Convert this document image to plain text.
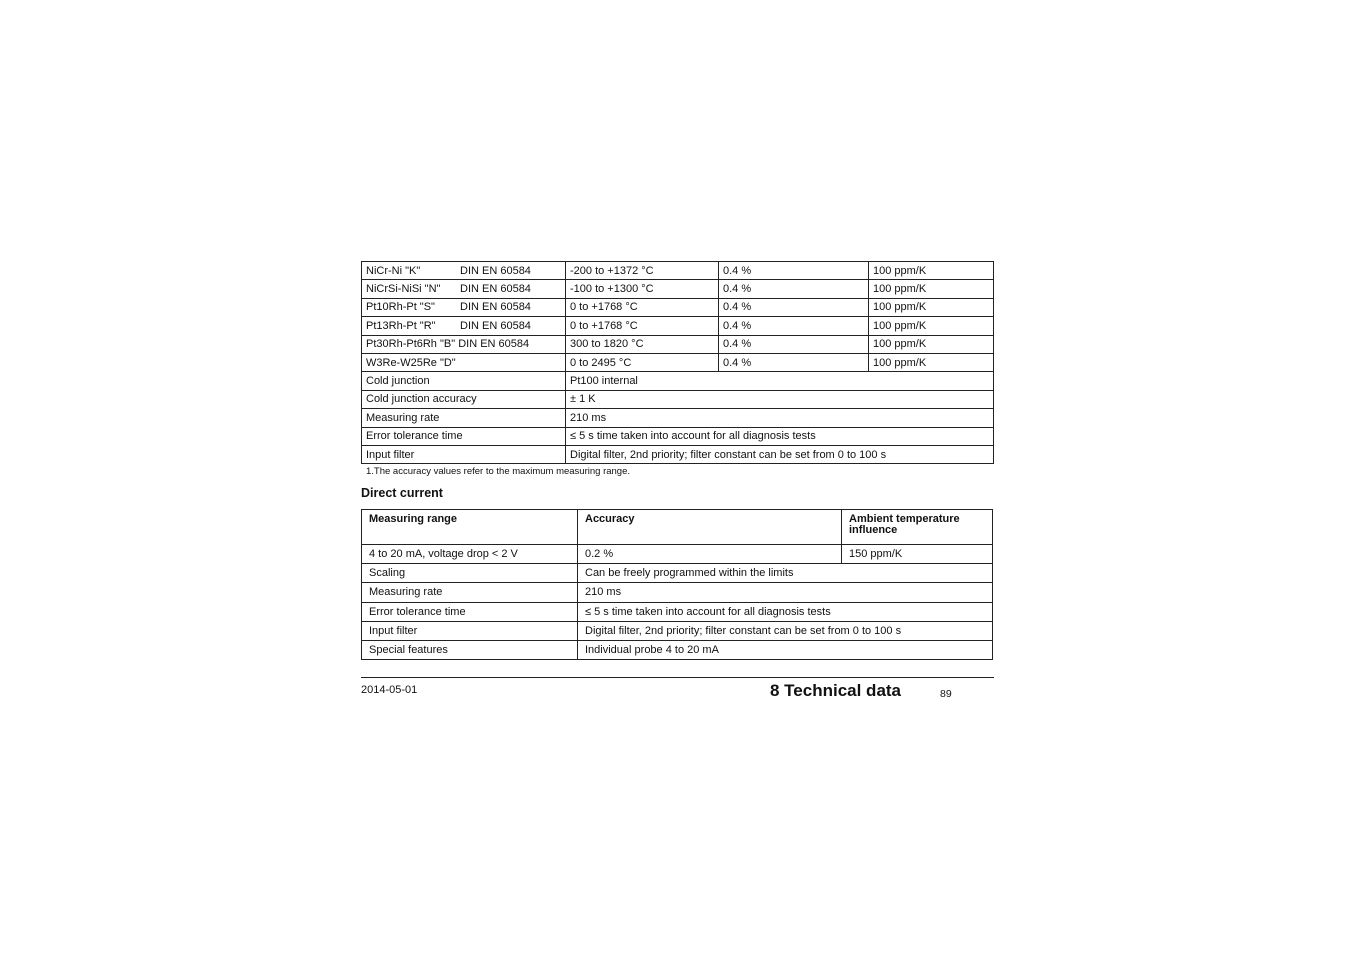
NiCr-Ni "K" DIN EN 60584	-200 to +1372 °C	0.4 %	100 ppm/K
NiCrSi-NiSi "N" DIN EN 60584	-100 to +1300 °C	0.4 %	100 ppm/K
Pt10Rh-Pt "S" DIN EN 60584	0 to +1768 °C	0.4 %	100 ppm/K
Pt13Rh-Pt "R" DIN EN 60584	0 to +1768 °C	0.4 %	100 ppm/K
Pt30Rh-Pt6Rh "B" DIN EN 60584	300 to 1820 °C	0.4 %	100 ppm/K
W3Re-W25Re "D"	0 to 2495 °C	0.4 %	100 ppm/K
Cold junction	Pt100 internal		
Cold junction accuracy	± 1 K		
Measuring rate	210 ms		
Error tolerance time	≤ 5 s time taken into account for all diagnosis tests		
Input filter	Digital filter, 2nd priority; filter constant can be set from 0 to 100 s		
1.The accuracy values refer to the maximum measuring range.
Direct current
Measuring range	Accuracy	Ambient temperature influence
4 to 20 mA, voltage drop < 2 V	0.2 %	150 ppm/K
Scaling	Can be freely programmed within the limits	
Measuring rate	210 ms	
Error tolerance time	≤ 5 s time taken into account for all diagnosis tests	
Input filter	Digital filter, 2nd priority; filter constant can be set from 0 to 100 s	
Special features	Individual probe 4 to 20 mA	
2014-05-01	8 Technical data	89
